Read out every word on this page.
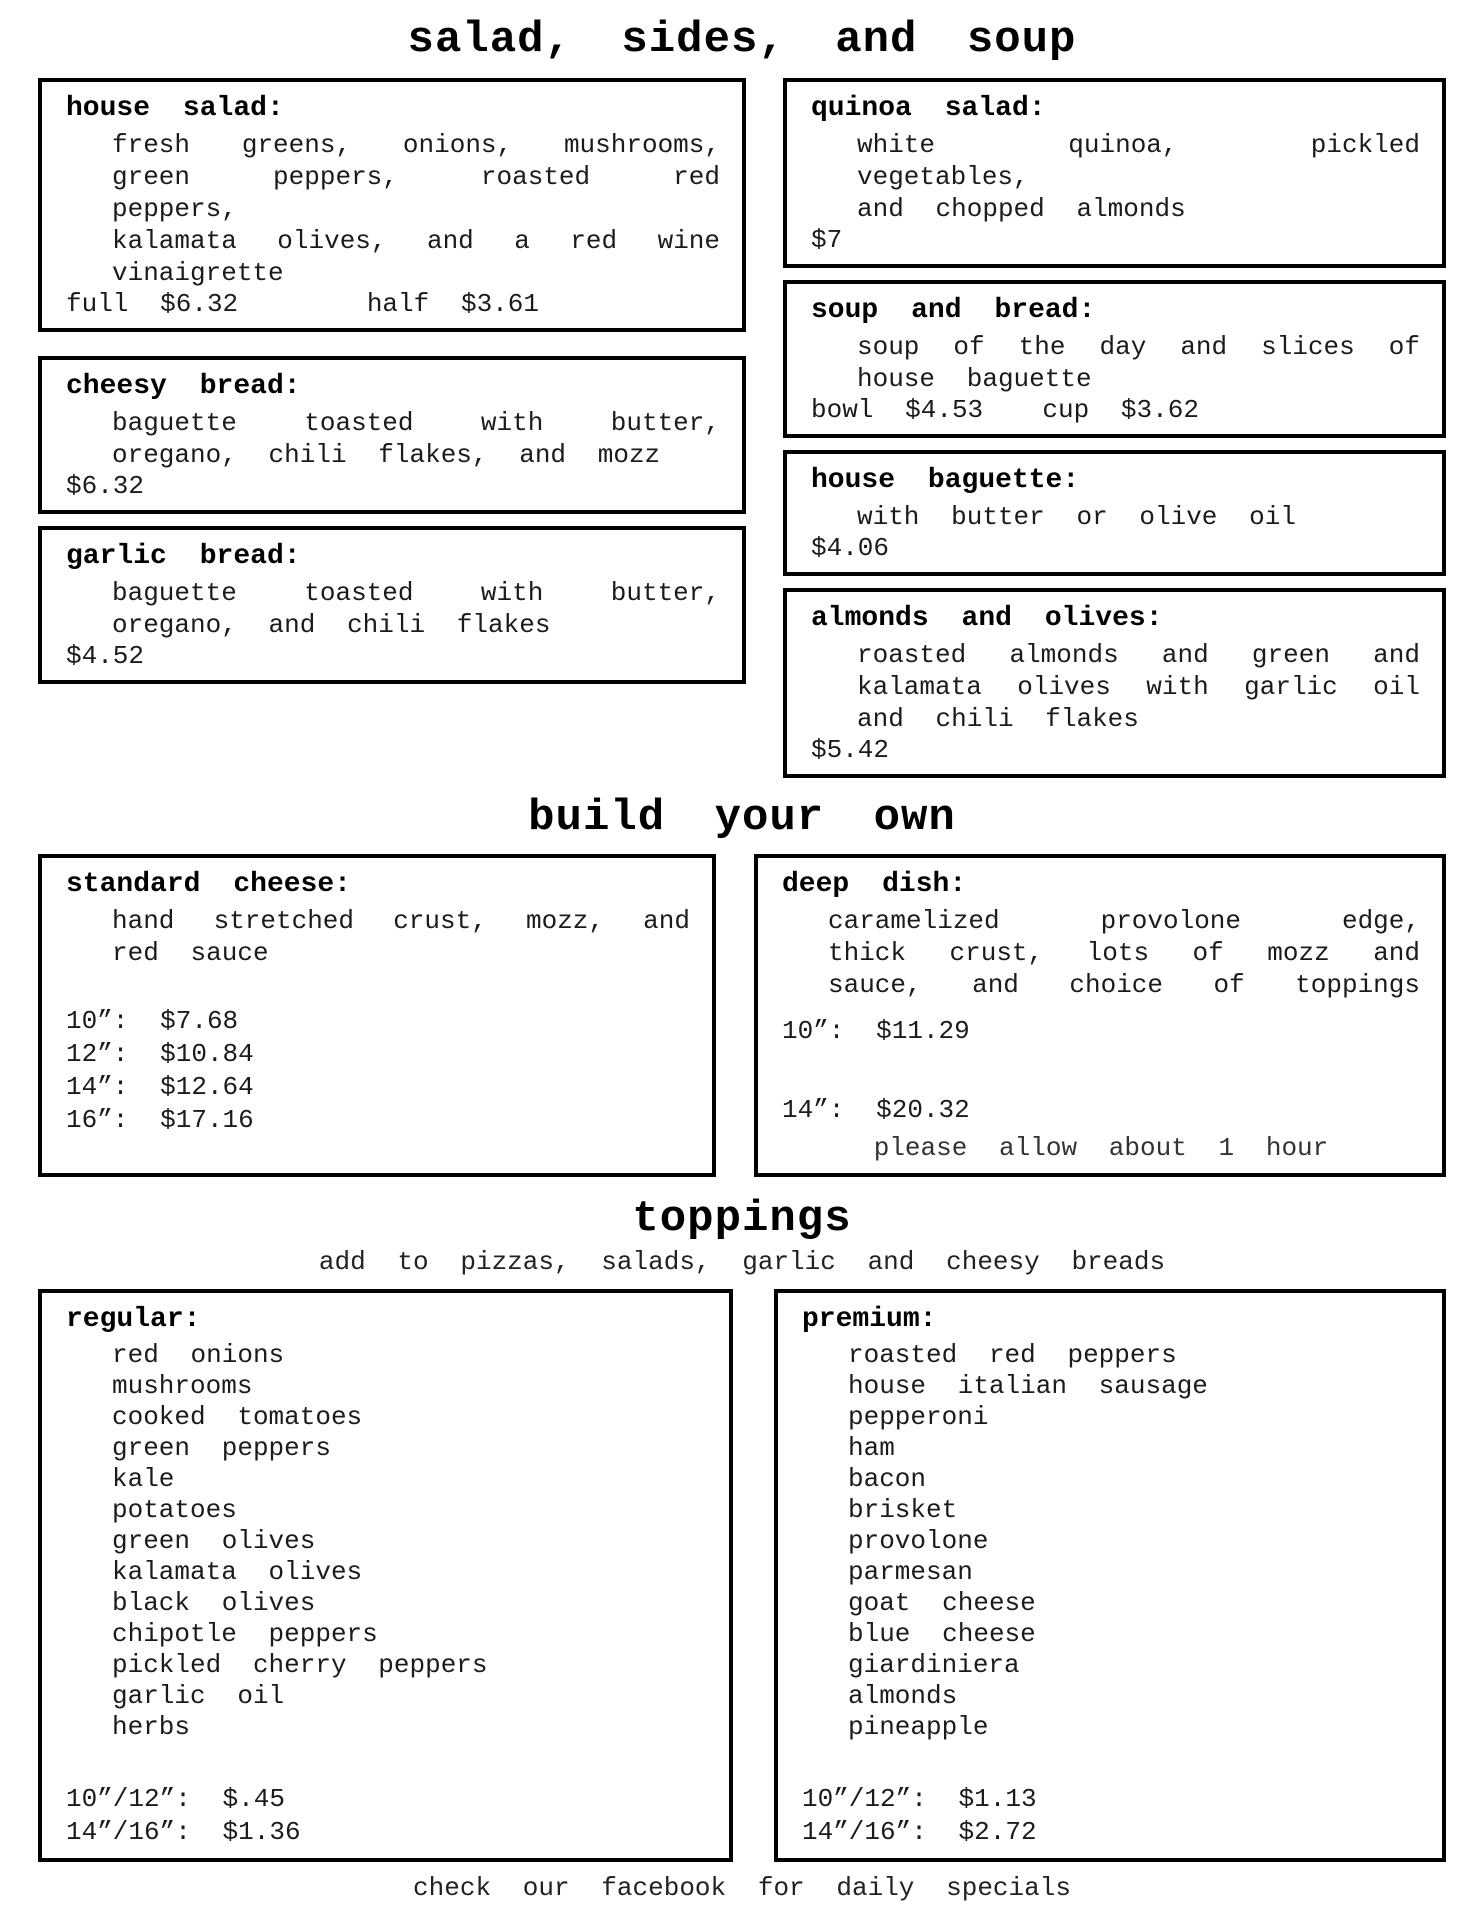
salad, sides, and soup
house salad:
fresh greens, onions, mushrooms,
green peppers, roasted red peppers,
kalamata olives, and a red wine
vinaigrette
full $6.32	half $3.61
cheesy bread:
baguette toasted with butter,
oregano, chili flakes, and mozz
$6.32
garlic bread:
baguette toasted with butter,
oregano, and chili flakes
$4.52
quinoa salad:
white quinoa, pickled vegetables,
and chopped almonds
$7
soup and bread:
soup of the day and slices of
house baguette
bowl $4.53	cup $3.62
house baguette:
with butter or olive oil
$4.06
almonds and olives:
roasted almonds and green and
kalamata olives with garlic oil
and chili flakes
$5.42
build your own
standard cheese:
hand stretched crust, mozz, and
red sauce
10”: $7.68
12”: $10.84
14”: $12.64
16”: $17.16
deep dish:
caramelized provolone edge,
thick crust, lots of mozz and
sauce, and choice of toppings
10”: $11.29
14”: $20.32
please allow about 1 hour
toppings
add to pizzas, salads, garlic and cheesy breads
regular:
red onions
mushrooms
cooked tomatoes
green peppers
kale
potatoes
green olives
kalamata olives
black olives
chipotle peppers
pickled cherry peppers
garlic oil
herbs
10”/12”: $.45
14”/16”: $1.36
premium:
roasted red peppers
house italian sausage
pepperoni
ham
bacon
brisket
provolone
parmesan
goat cheese
blue cheese
giardiniera
almonds
pineapple
10”/12”: $1.13
14”/16”: $2.72
check our facebook for daily specials
